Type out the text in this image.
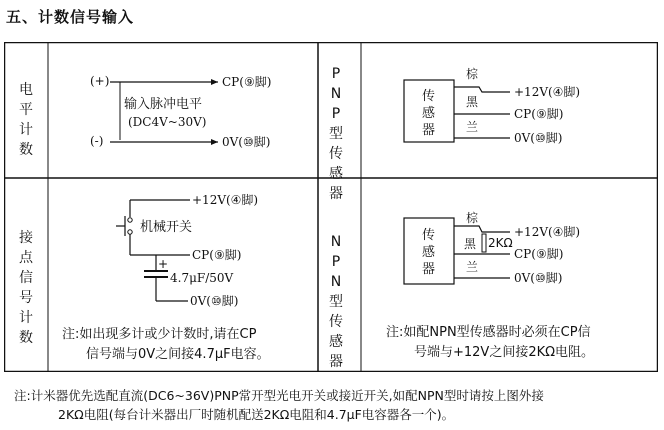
五、计数信号输入
(+)	CP(⑨脚)
输入脉冲电平
(DC4V~30V)
(-)	0V(⑩脚)
传
感
器
棕
+12V(④脚)
黑
CP(⑨脚)
兰
0V(⑩脚)
+12V(④脚)
机械开关
CP(⑨脚)
+
4.7μF/50V
0V(⑩脚)
注:如出现多计或少计数时,请在CP
信号端与0V之间接4.7μF电容。
传
感
器
棕
+12V(④脚)
2KΩ
黑
CP(⑨脚)
兰
0V(⑩脚)
注:如配NPN型传感器时必须在CP信
号端与+12V之间接2KΩ电阻。
电
平
计
数
P
N
P
型
传
感
器
接
点
信
号
计
数
N
P
N
型
传
感
器
注:计米器优先选配直流(DC6~36V)PNP常开型光电开关或接近开关,如配NPN型时请按上图外接
2KΩ电阻(每台计米器出厂时随机配送2KΩ电阻和4.7μF电容器各一个)。
